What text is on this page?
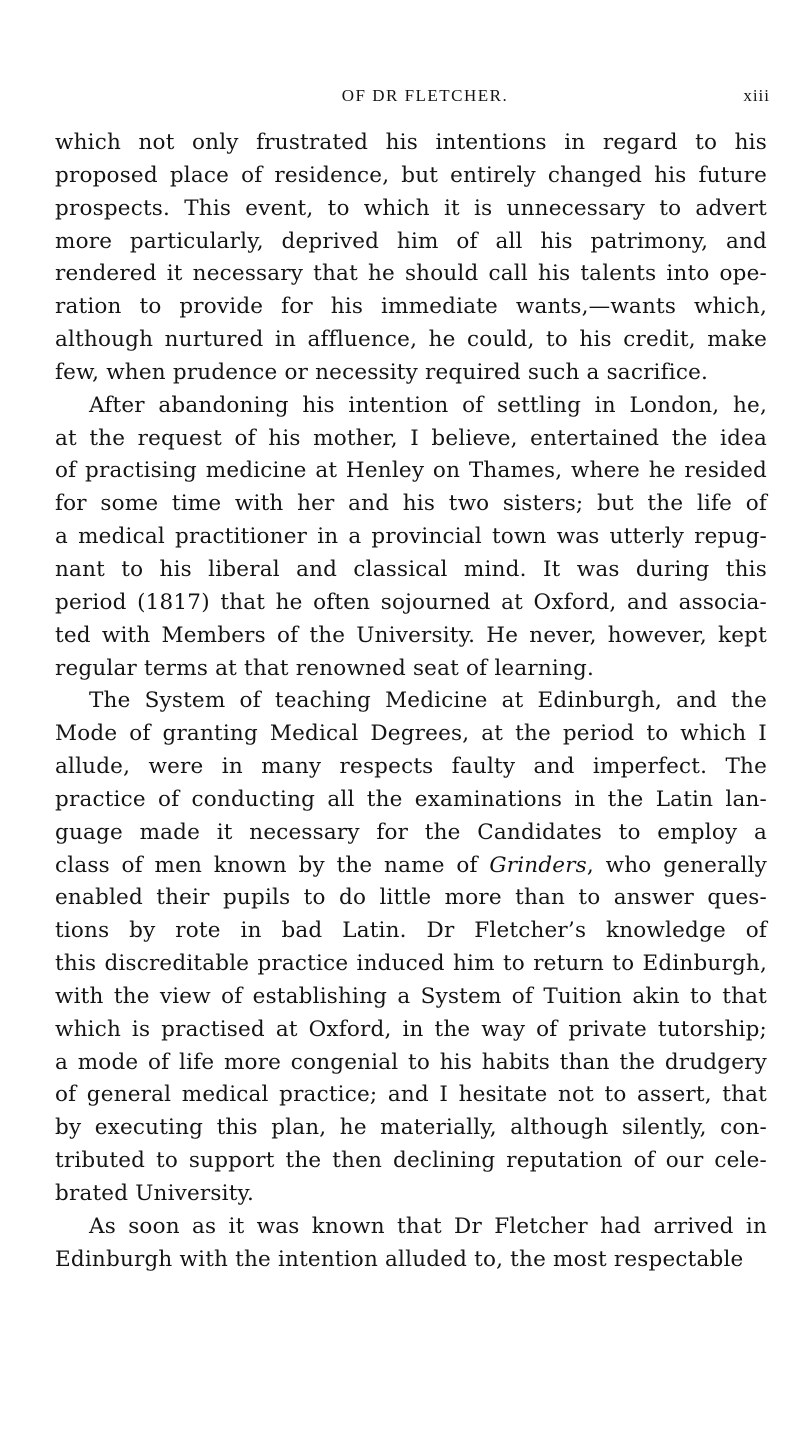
OF DR FLETCHER.	xiii

which not only frustrated his intentions in regard to his

proposed place of residence, but entirely changed his future

prospects. This event, to which it is unnecessary to advert

more particularly, deprived him of all his patrimony, and

rendered it necessary that he should call his talents into ope-

ration to provide for his immediate wants,—wants which,

although nurtured in affluence, he could, to his credit, make

few, when prudence or necessity required such a sacrifice.

After abandoning his intention of settling in London, he,

at the request of his mother, I believe, entertained the idea

of practising medicine at Henley on Thames, where he resided

for some time with her and his two sisters; but the life of

a medical practitioner in a provincial town was utterly repug-

nant to his liberal and classical mind. It was during this

period (1817) that he often sojourned at Oxford, and associa-

ted with Members of the University. He never, however, kept

regular terms at that renowned seat of learning.

The System of teaching Medicine at Edinburgh, and the

Mode of granting Medical Degrees, at the period to which I

allude, were in many respects faulty and imperfect. The

practice of conducting all the examinations in the Latin lan-

guage made it necessary for the Candidates to employ a

class of men known by the name of Grinders, who generally

enabled their pupils to do little more than to answer ques-

tions by rote in bad Latin. Dr Fletcher’s knowledge of

this discreditable practice induced him to return to Edinburgh,

with the view of establishing a System of Tuition akin to that

which is practised at Oxford, in the way of private tutorship;

a mode of life more congenial to his habits than the drudgery

of general medical practice; and I hesitate not to assert, that

by executing this plan, he materially, although silently, con-

tributed to support the then declining reputation of our cele-

brated University.

As soon as it was known that Dr Fletcher had arrived in

Edinburgh with the intention alluded to, the most respectable
